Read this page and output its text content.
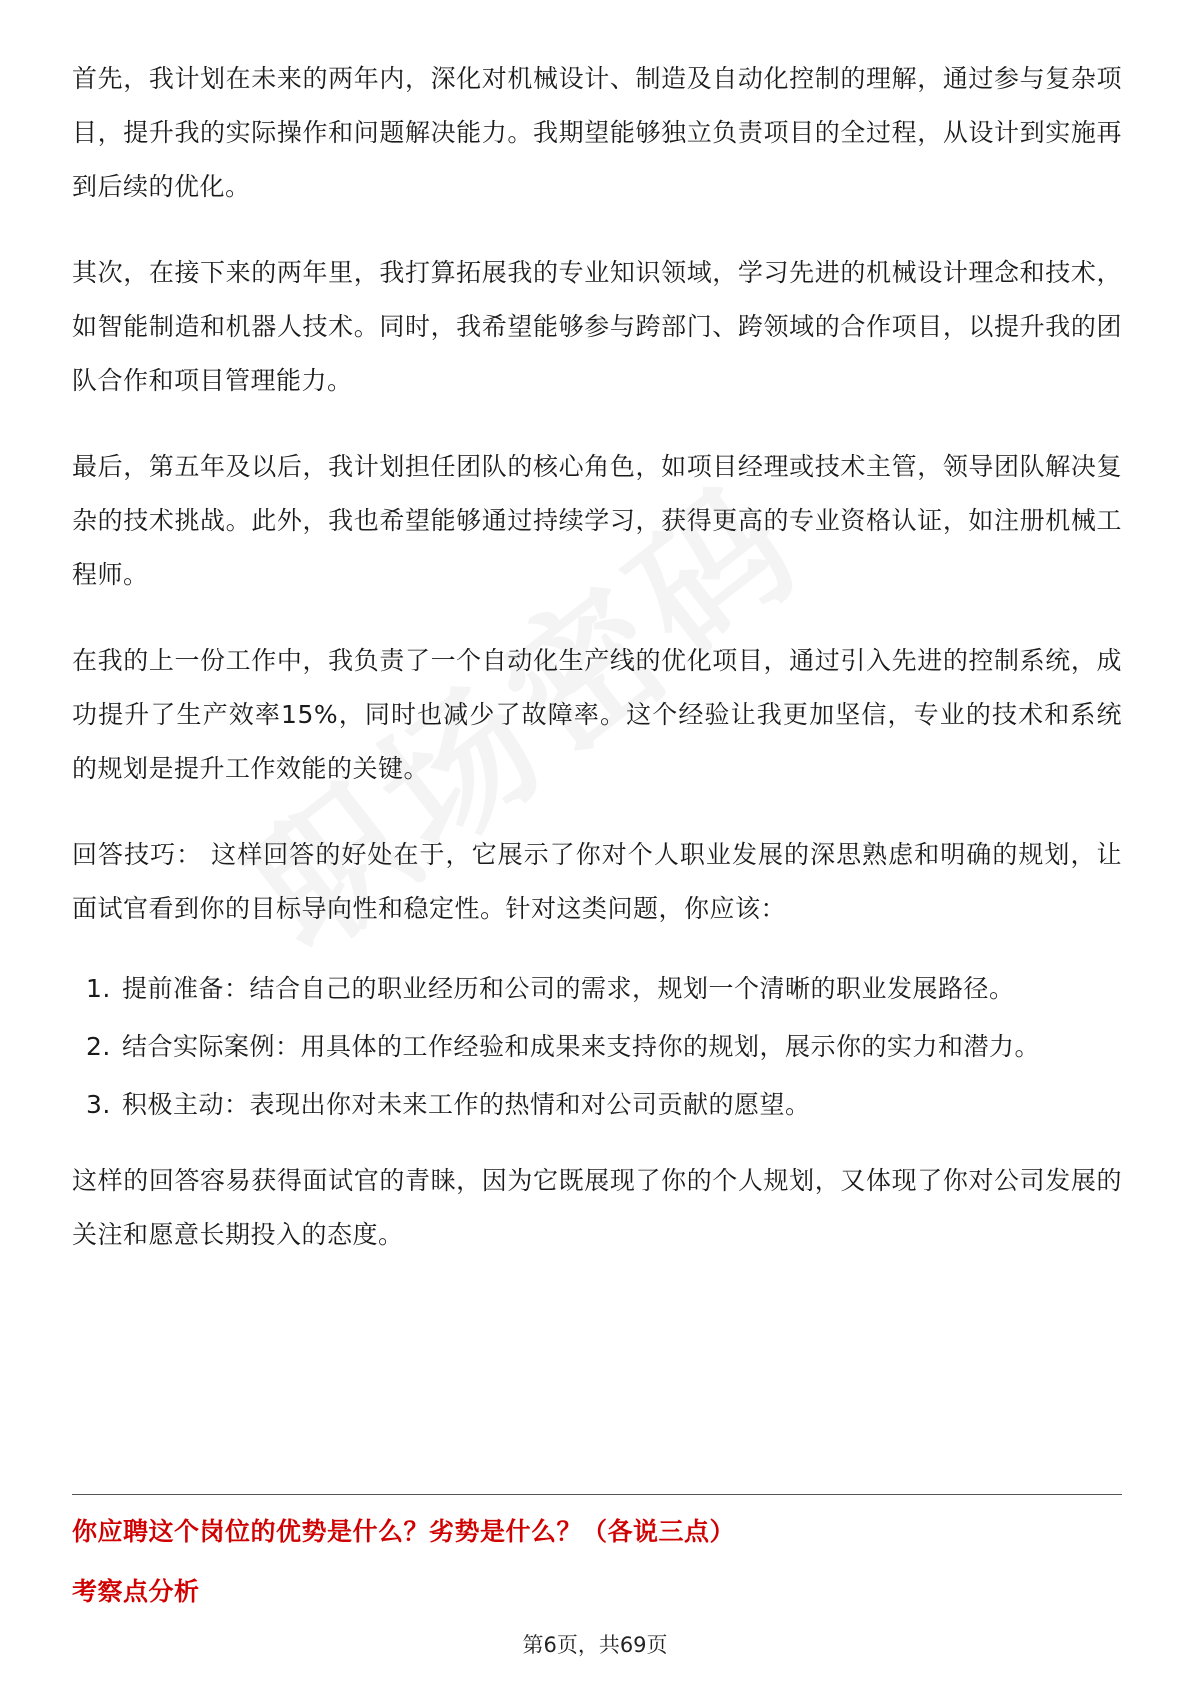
首先，我计划在未来的两年内，深化对机械设计、制造及自动化控制的理解，通过参与复杂项目，提升我的实际操作和问题解决能力。我期望能够独立负责项目的全过程，从设计到实施再到后续的优化。

其次，在接下来的两年里，我打算拓展我的专业知识领域，学习先进的机械设计理念和技术，如智能制造和机器人技术。同时，我希望能够参与跨部门、跨领域的合作项目，以提升我的团队合作和项目管理能力。

最后，第五年及以后，我计划担任团队的核心角色，如项目经理或技术主管，领导团队解决复杂的技术挑战。此外，我也希望能够通过持续学习，获得更高的专业资格认证，如注册机械工程师。

在我的上一份工作中，我负责了一个自动化生产线的优化项目，通过引入先进的控制系统，成功提升了生产效率15%，同时也减少了故障率。这个经验让我更加坚信，专业的技术和系统的规划是提升工作效能的关键。

回答技巧： 这样回答的好处在于，它展示了你对个人职业发展的深思熟虑和明确的规划，让面试官看到你的目标导向性和稳定性。针对这类问题，你应该：

1. 提前准备：结合自己的职业经历和公司的需求，规划一个清晰的职业发展路径。
2. 结合实际案例：用具体的工作经验和成果来支持你的规划，展示你的实力和潜力。
3. 积极主动：表现出你对未来工作的热情和对公司贡献的愿望。

这样的回答容易获得面试官的青睐，因为它既展现了你的个人规划，又体现了你对公司发展的关注和愿意长期投入的态度。

你应聘这个岗位的优势是什么？劣势是什么？（各说三点）
考察点分析
第6页，共69页
